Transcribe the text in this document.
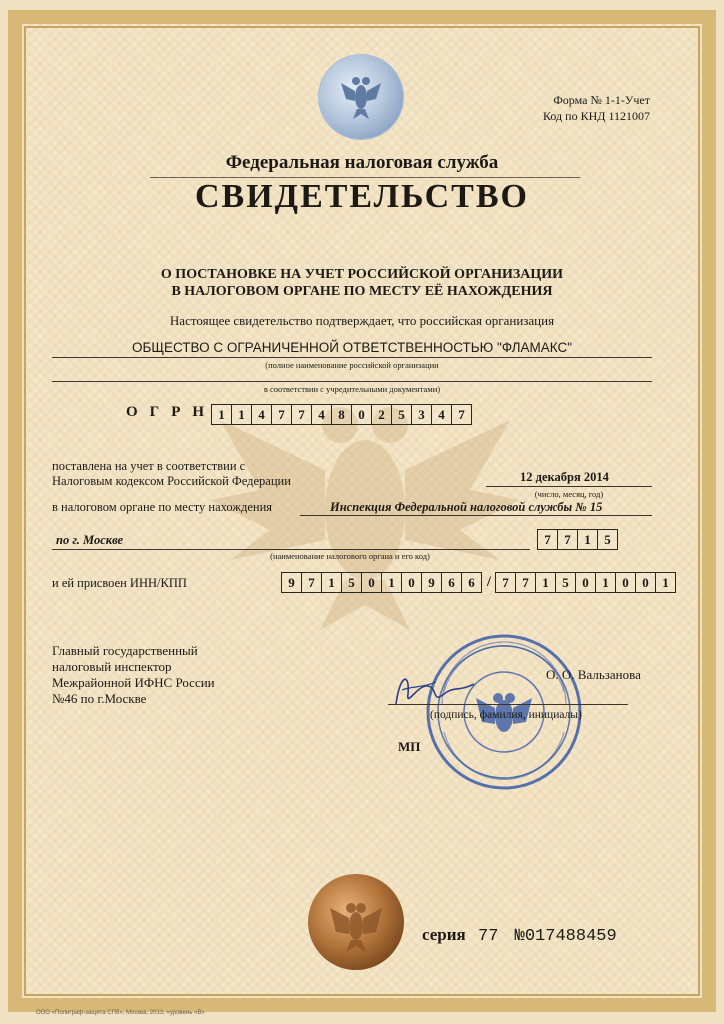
Форма № 1-1-Учет
Код по КНД 1121007
Федеральная налоговая служба
СВИДЕТЕЛЬСТВО
О ПОСТАНОВКЕ НА УЧЕТ РОССИЙСКОЙ ОРГАНИЗАЦИИ
В НАЛОГОВОМ ОРГАНЕ ПО МЕСТУ ЕЁ НАХОЖДЕНИЯ
Настоящее свидетельство подтверждает, что российская организация
ОБЩЕСТВО С ОГРАНИЧЕННОЙ ОТВЕТСТВЕННОСТЬЮ "ФЛАМАКС"
(полное наименование российской организации
в соответствии с учредительными документами)
ОГРН 1	1	4	7	7	4	8	0	2	5	3	4	7
поставлена на учет в соответствии с
Налоговым кодексом Российской Федерации	12 декабря 2014
(число, месяц, год)
в налоговом органе по месту нахождения	Инспекция Федеральной налоговой службы № 15
по г. Москве
(наименование налогового органа и его код)
7	7	1	5
и ей присвоен ИНН/КПП	9	7	1	5	0	1	0	9	6	6 / 7	7	1	5	0	1	0	0	1
Главный государственный
налоговый инспектор
Межрайонной ИФНС России
№46 по г.Москве
О. О. Вальзанова
(подпись, фамилия, инициалы)
МП
серия 77 №017488459
ООО «Полиграф-защита СПб», Москва, 2013, «уровень «В»
